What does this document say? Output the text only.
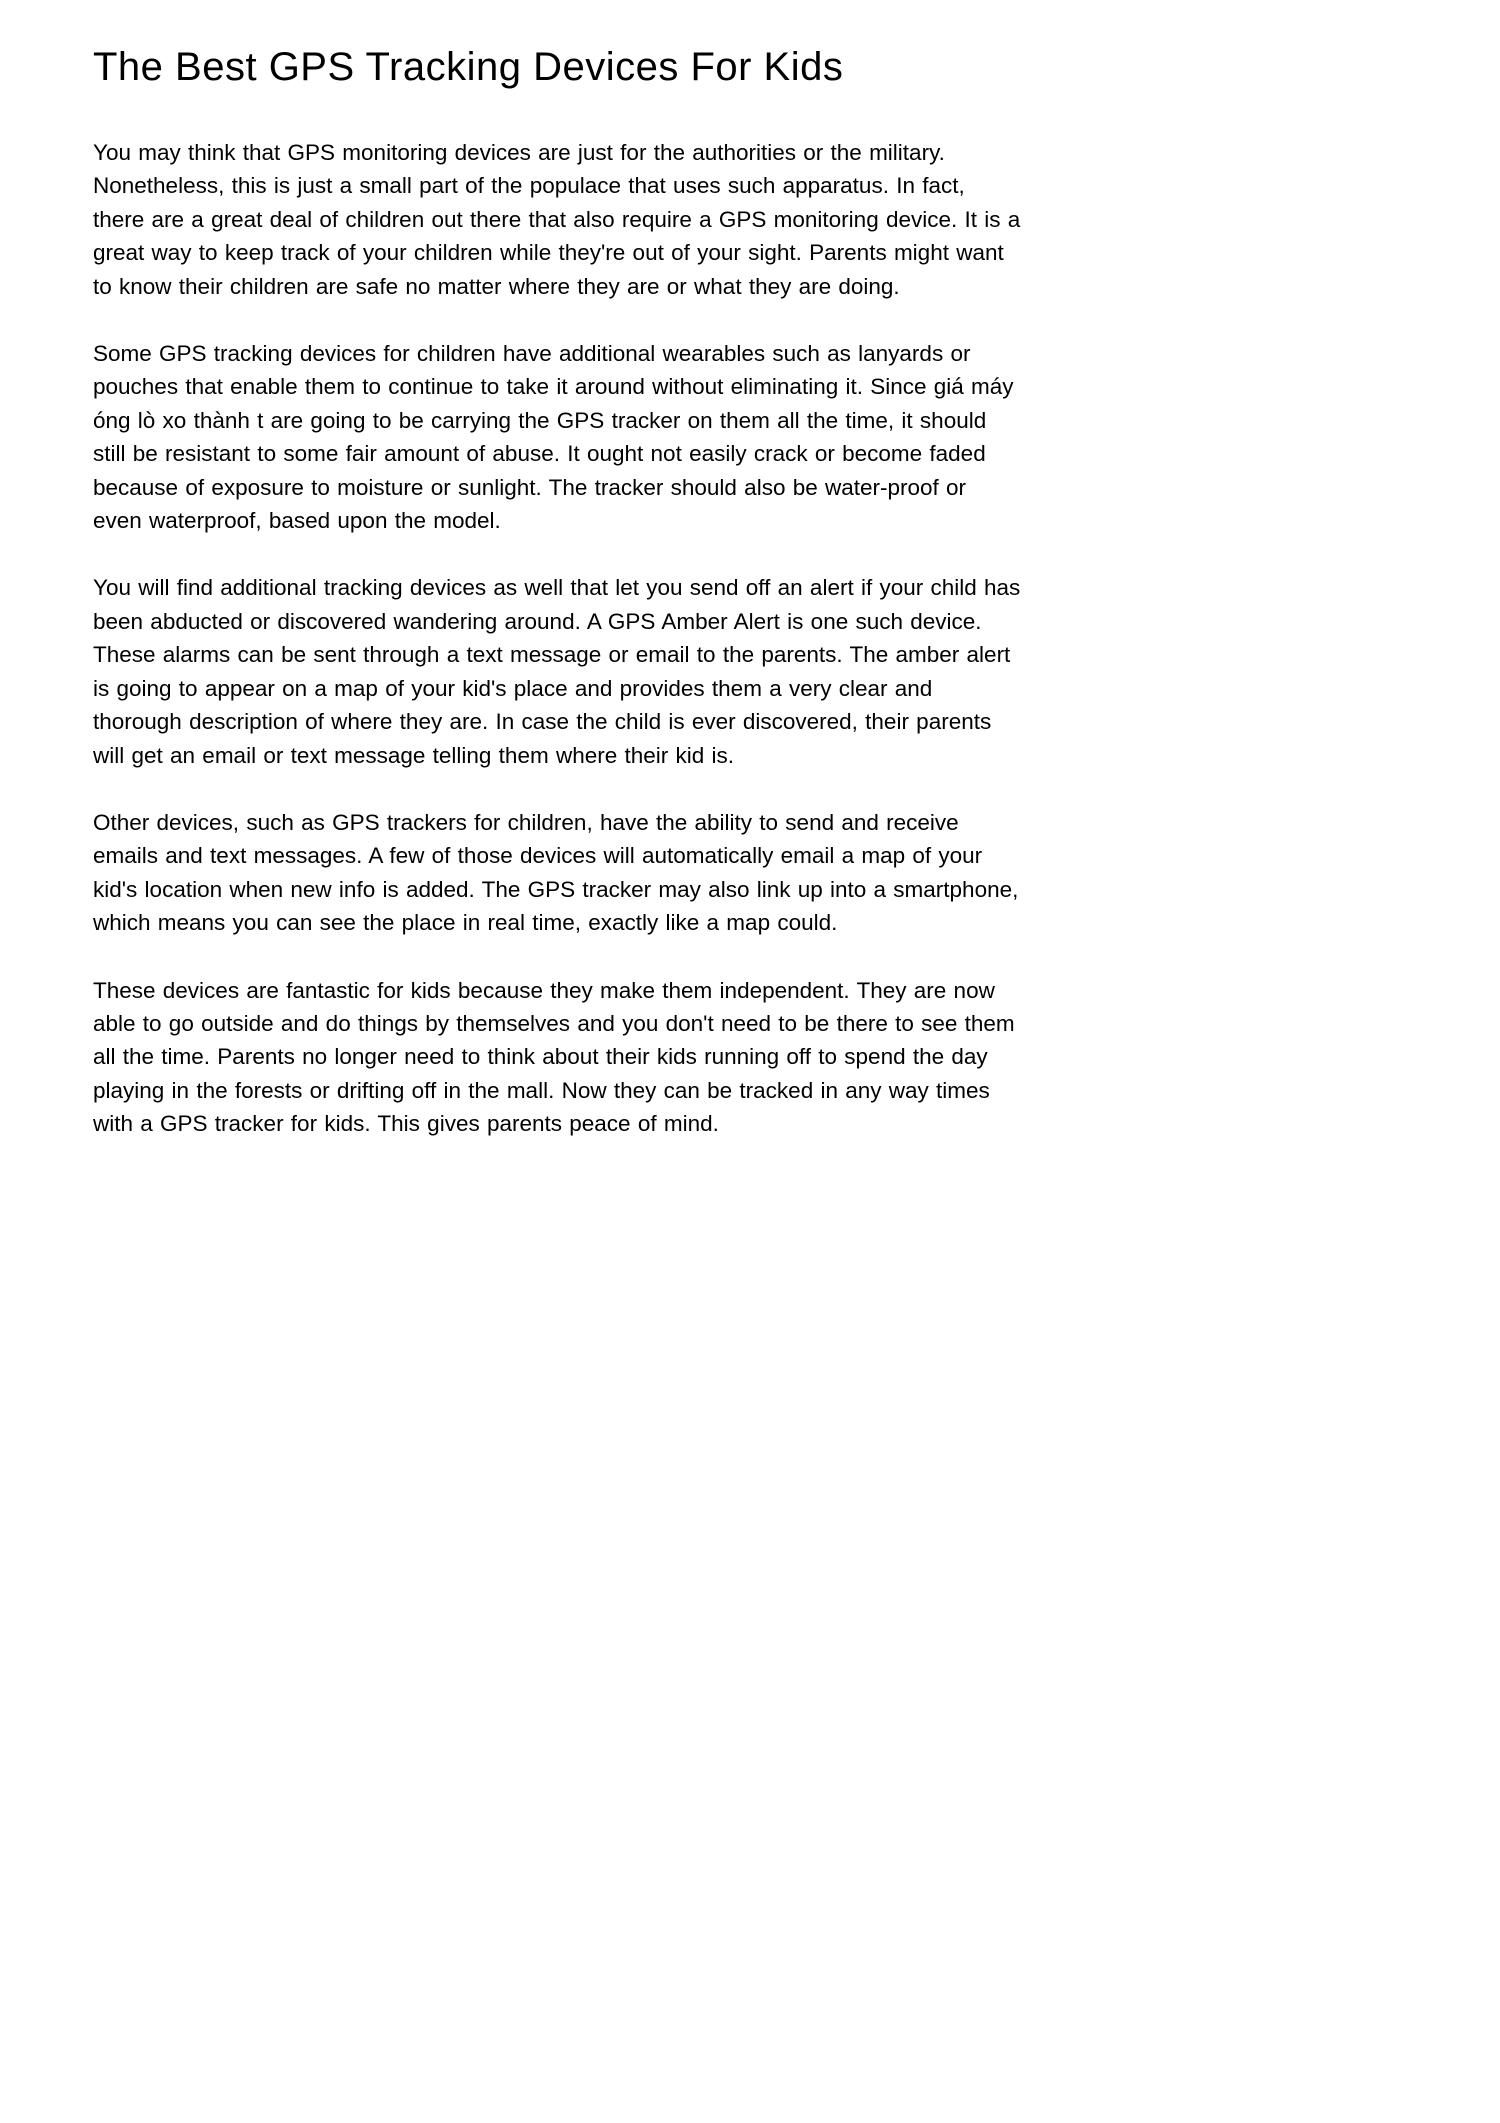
The Best GPS Tracking Devices For Kids

You may think that GPS monitoring devices are just for the authorities or the military. Nonetheless, this is just a small part of the populace that uses such apparatus. In fact, there are a great deal of children out there that also require a GPS monitoring device. It is a great way to keep track of your children while they're out of your sight. Parents might want to know their children are safe no matter where they are or what they are doing.

Some GPS tracking devices for children have additional wearables such as lanyards or pouches that enable them to continue to take it around without eliminating it. Since giá máy óng lò xo thành t are going to be carrying the GPS tracker on them all the time, it should still be resistant to some fair amount of abuse. It ought not easily crack or become faded because of exposure to moisture or sunlight. The tracker should also be water-proof or even waterproof, based upon the model.

You will find additional tracking devices as well that let you send off an alert if your child has been abducted or discovered wandering around. A GPS Amber Alert is one such device. These alarms can be sent through a text message or email to the parents. The amber alert is going to appear on a map of your kid's place and provides them a very clear and thorough description of where they are. In case the child is ever discovered, their parents will get an email or text message telling them where their kid is.

Other devices, such as GPS trackers for children, have the ability to send and receive emails and text messages. A few of those devices will automatically email a map of your kid's location when new info is added. The GPS tracker may also link up into a smartphone, which means you can see the place in real time, exactly like a map could.

These devices are fantastic for kids because they make them independent. They are now able to go outside and do things by themselves and you don't need to be there to see them all the time. Parents no longer need to think about their kids running off to spend the day playing in the forests or drifting off in the mall. Now they can be tracked in any way times with a GPS tracker for kids. This gives parents peace of mind.
